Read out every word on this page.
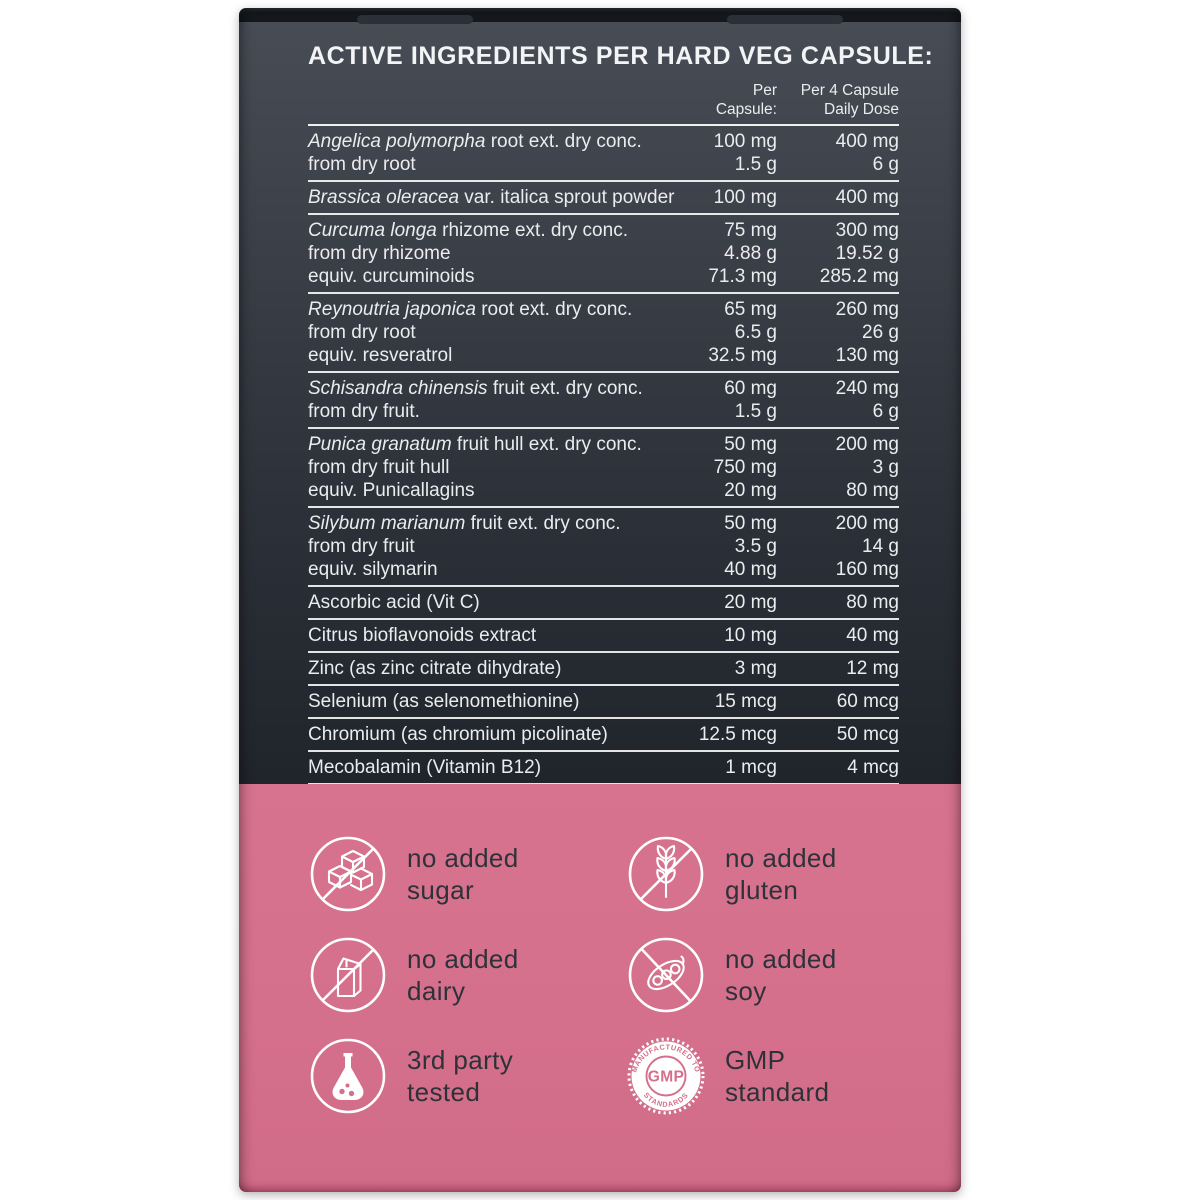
ACTIVE INGREDIENTS PER HARD VEG CAPSULE:
Per
Capsule:
Per 4 Capsule
Daily Dose
Angelica polymorpha root ext. dry conc.	100 mg	400 mg
from dry root	1.5 g	6 g
Brassica oleracea var. italica sprout powder	100 mg	400 mg
Curcuma longa rhizome ext. dry conc.	75 mg	300 mg
from dry rhizome	4.88 g	19.52 g
equiv. curcuminoids	71.3 mg	285.2 mg
Reynoutria japonica root ext. dry conc.	65 mg	260 mg
from dry root	6.5 g	26 g
equiv. resveratrol	32.5 mg	130 mg
Schisandra chinensis fruit ext. dry conc.	60 mg	240 mg
from dry fruit.	1.5 g	6 g
Punica granatum fruit hull ext. dry conc.	50 mg	200 mg
from dry fruit hull	750 mg	3 g
equiv. Punicallagins	20 mg	80 mg
Silybum marianum fruit ext. dry conc.	50 mg	200 mg
from dry fruit	3.5 g	14 g
equiv. silymarin	40 mg	160 mg
Ascorbic acid (Vit C)	20 mg	80 mg
Citrus bioflavonoids extract	10 mg	40 mg
Zinc (as zinc citrate dihydrate)	3 mg	12 mg
Selenium (as selenomethionine)	15 mcg	60 mcg
Chromium (as chromium picolinate)	12.5 mcg	50 mcg
Mecobalamin (Vitamin B12)	1 mcg	4 mcg
no added
sugar
no added
gluten
no added
dairy
no added
soy
3rd party
tested
MANUFACTURED TO
STANDARDS
GMP
GMP
standard
